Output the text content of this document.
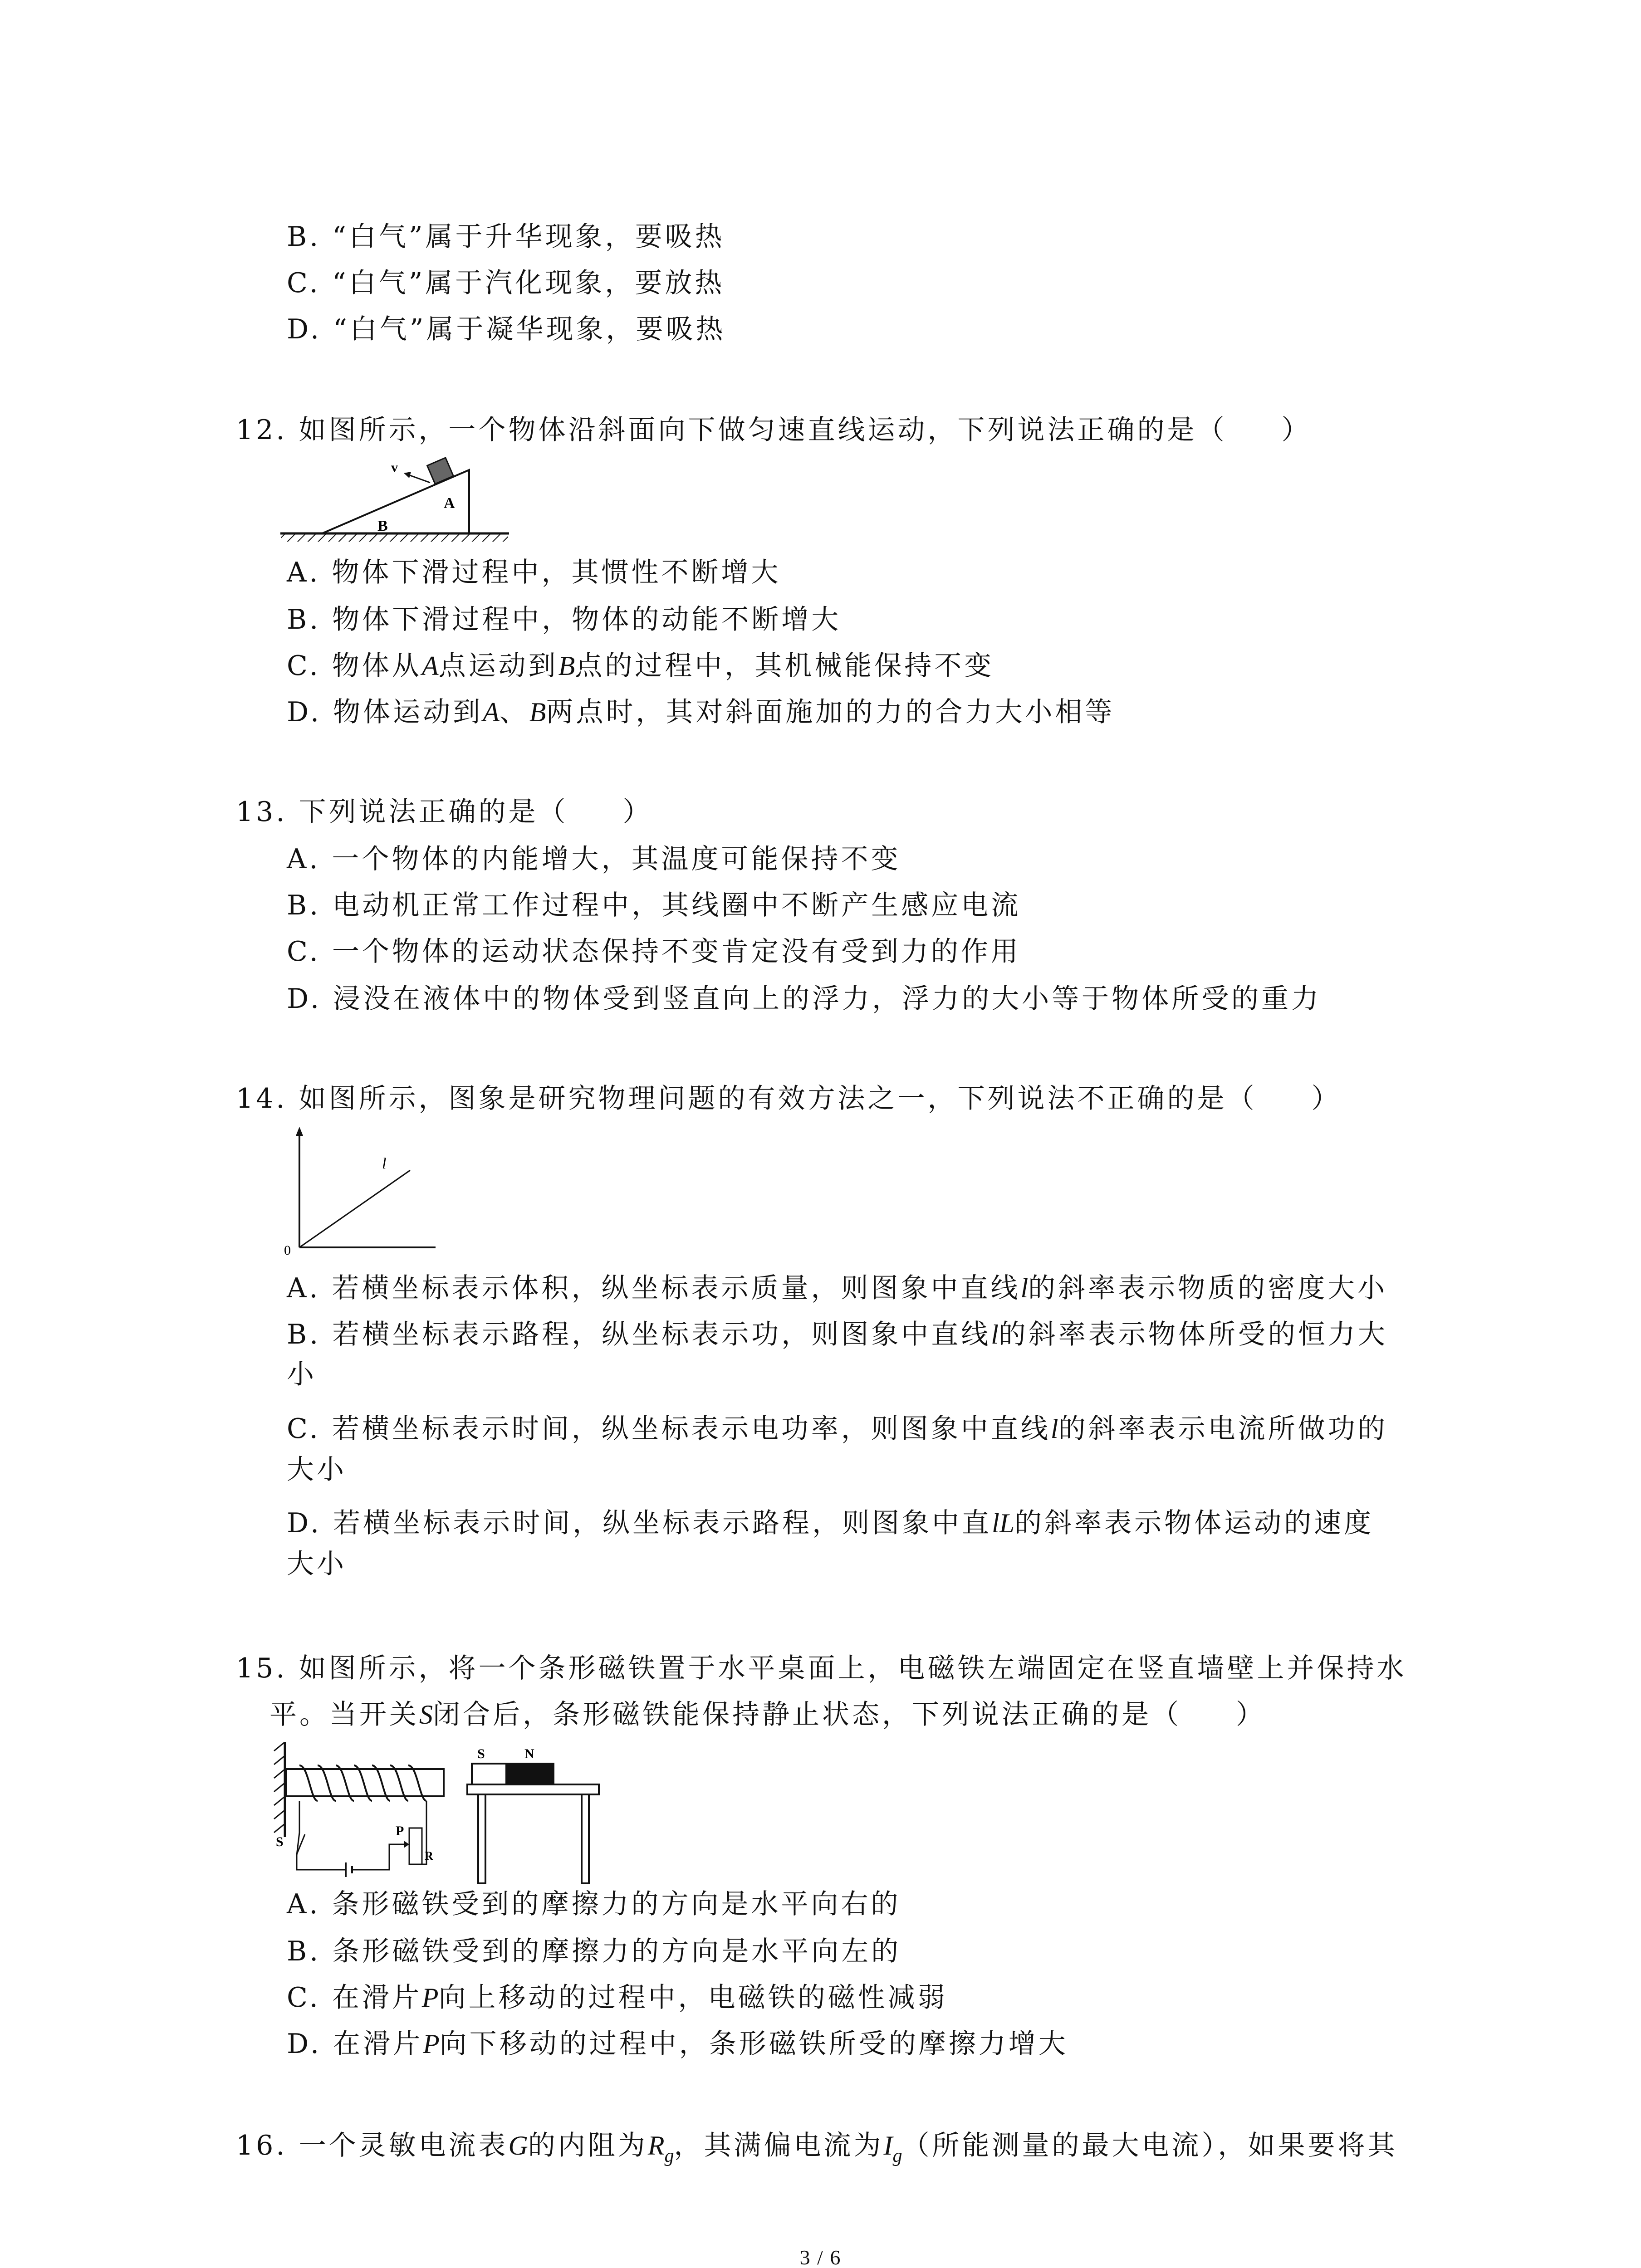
B. “白气”属于升华现象，要吸热
C. “白气”属于汽化现象，要放热
D. “白气”属于凝华现象，要吸热
12. 如图所示，一个物体沿斜面向下做匀速直线运动，下列说法正确的是（ ）
v
A
B
A. 物体下滑过程中，其惯性不断增大
B. 物体下滑过程中，物体的动能不断增大
C. 物体从A点运动到B点的过程中，其机械能保持不变
D. 物体运动到A、B两点时，其对斜面施加的力的合力大小相等
13. 下列说法正确的是（ ）
A. 一个物体的内能增大，其温度可能保持不变
B. 电动机正常工作过程中，其线圈中不断产生感应电流
C. 一个物体的运动状态保持不变肯定没有受到力的作用
D. 浸没在液体中的物体受到竖直向上的浮力，浮力的大小等于物体所受的重力
14. 如图所示，图象是研究物理问题的有效方法之一，下列说法不正确的是（ ）
l
0
A. 若横坐标表示体积，纵坐标表示质量，则图象中直线l的斜率表示物质的密度大小
B. 若横坐标表示路程，纵坐标表示功，则图象中直线l的斜率表示物体所受的恒力大
小
C. 若横坐标表示时间，纵坐标表示电功率，则图象中直线l的斜率表示电流所做功的
大小
D. 若横坐标表示时间，纵坐标表示路程，则图象中直lL的斜率表示物体运动的速度
大小
15. 如图所示，将一个条形磁铁置于水平桌面上，电磁铁左端固定在竖直墙壁上并保持水
平。当开关S闭合后，条形磁铁能保持静止状态，下列说法正确的是（ ）
S	N
S
P
R
A. 条形磁铁受到的摩擦力的方向是水平向右的
B. 条形磁铁受到的摩擦力的方向是水平向左的
C. 在滑片P向上移动的过程中，电磁铁的磁性减弱
D. 在滑片P向下移动的过程中，条形磁铁所受的摩擦力增大
16. 一个灵敏电流表G的内阻为$R_g$，其满偏电流为$I_g$（所能测量的最大电流），如果要将其
3 / 6
